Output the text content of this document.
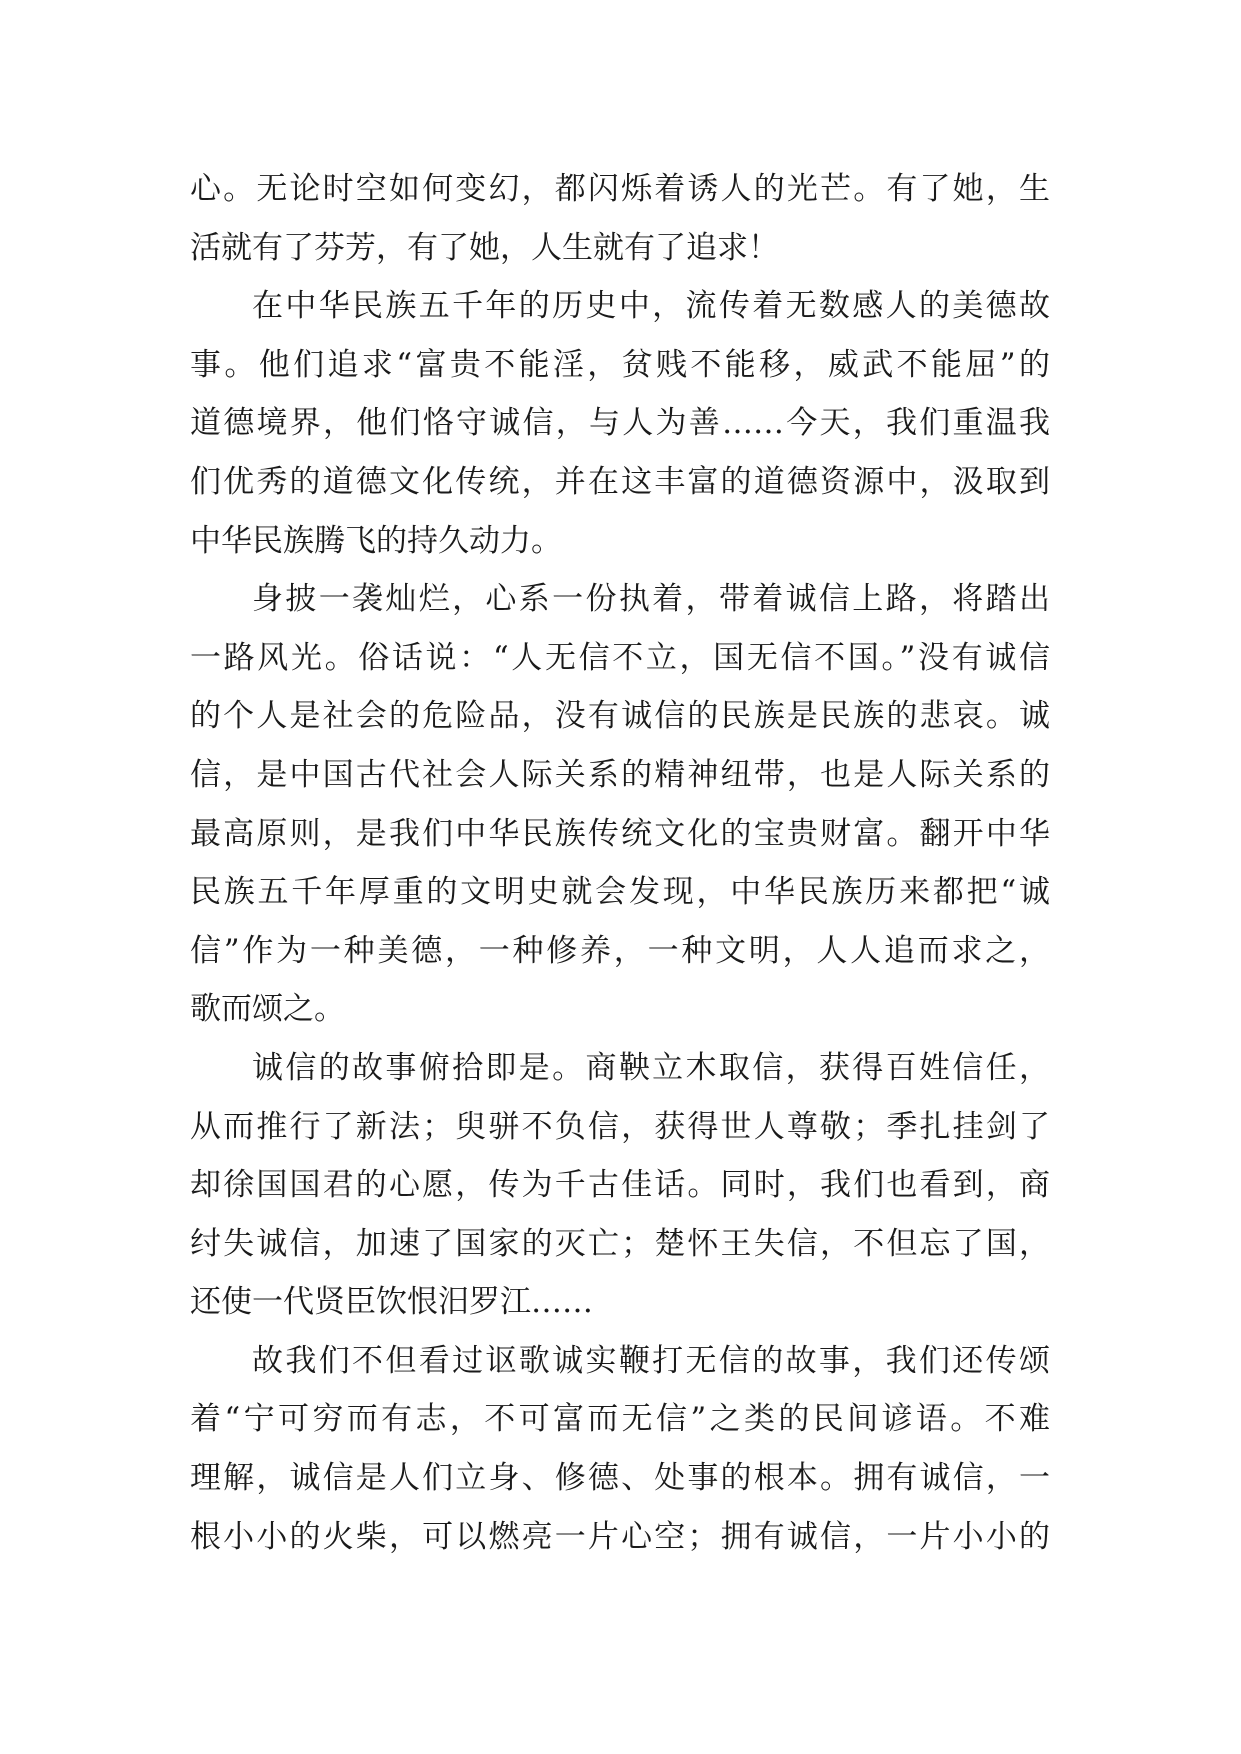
心。无论时空如何变幻，都闪烁着诱人的光芒。有了她，生
活就有了芬芳，有了她，人生就有了追求！
在中华民族五千年的历史中，流传着无数感人的美德故
事。他们追求“富贵不能淫，贫贱不能移，威武不能屈”的
道德境界，他们恪守诚信，与人为善……今天，我们重温我
们优秀的道德文化传统，并在这丰富的道德资源中，汲取到
中华民族腾飞的持久动力。
身披一袭灿烂，心系一份执着，带着诚信上路，将踏出
一路风光。俗话说：“人无信不立，国无信不国。”没有诚信
的个人是社会的危险品，没有诚信的民族是民族的悲哀。诚
信，是中国古代社会人际关系的精神纽带，也是人际关系的
最高原则，是我们中华民族传统文化的宝贵财富。翻开中华
民族五千年厚重的文明史就会发现，中华民族历来都把“诚
信”作为一种美德，一种修养，一种文明，人人追而求之，
歌而颂之。
诚信的故事俯拾即是。商鞅立木取信，获得百姓信任，
从而推行了新法；臾骈不负信，获得世人尊敬；季扎挂剑了
却徐国国君的心愿，传为千古佳话。同时，我们也看到，商
纣失诚信，加速了国家的灭亡；楚怀王失信，不但忘了国，
还使一代贤臣饮恨汨罗江……
故我们不但看过讴歌诚实鞭打无信的故事，我们还传颂
着“宁可穷而有志，不可富而无信”之类的民间谚语。不难
理解，诚信是人们立身、修德、处事的根本。拥有诚信，一
根小小的火柴，可以燃亮一片心空；拥有诚信，一片小小的
